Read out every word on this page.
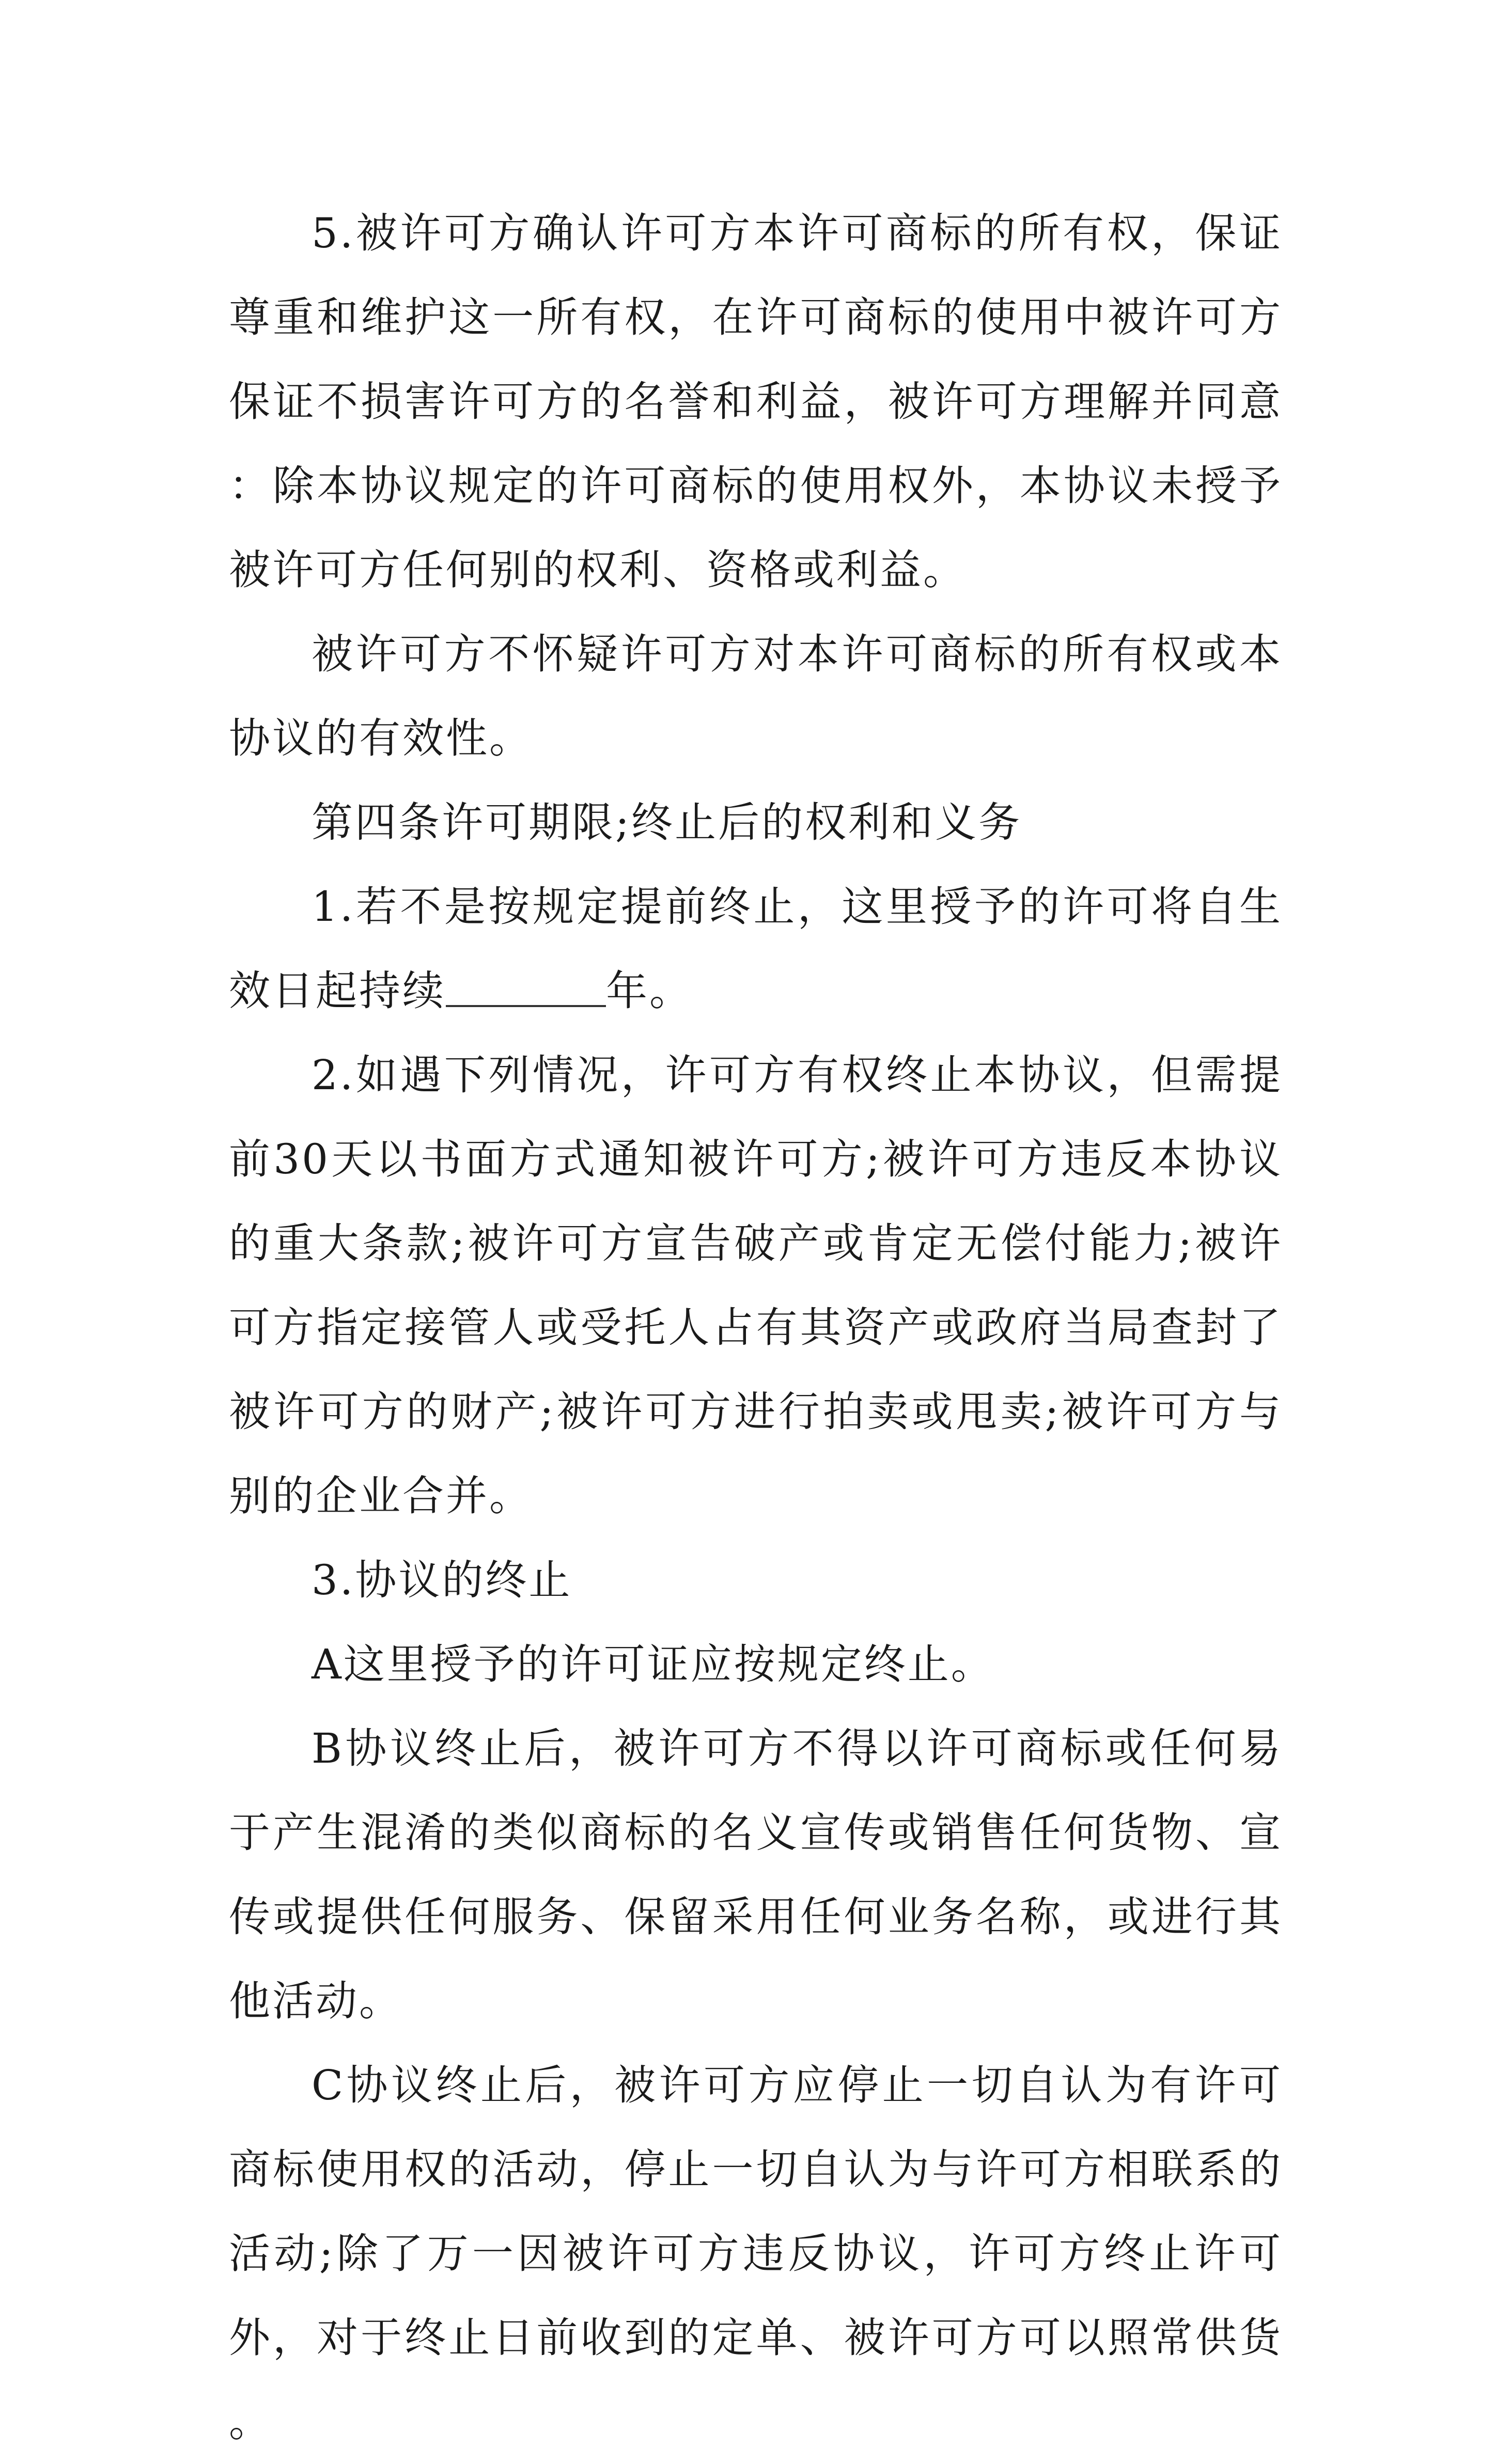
5.被许可方确认许可方本许可商标的所有权，保证尊重和维护这一所有权，在许可商标的使用中被许可方保证不损害许可方的名誉和利益，被许可方理解并同意：除本协议规定的许可商标的使用权外，本协议未授予被许可方任何别的权利、资格或利益。

被许可方不怀疑许可方对本许可商标的所有权或本协议的有效性。

第四条许可期限;终止后的权利和义务

1.若不是按规定提前终止，这里授予的许可将自生效日起持续	年。

2.如遇下列情况，许可方有权终止本协议，但需提前30天以书面方式通知被许可方;被许可方违反本协议的重大条款;被许可方宣告破产或肯定无偿付能力;被许可方指定接管人或受托人占有其资产或政府当局查封了被许可方的财产;被许可方进行拍卖或甩卖;被许可方与别的企业合并。

3.协议的终止

A这里授予的许可证应按规定终止。

B协议终止后，被许可方不得以许可商标或任何易于产生混淆的类似商标的名义宣传或销售任何货物、宣传或提供任何服务、保留采用任何业务名称，或进行其他活动。

C协议终止后，被许可方应停止一切自认为有许可商标使用权的活动，停止一切自认为与许可方相联系的活动;除了万一因被许可方违反协议，许可方终止许可外，对于终止日前收到的定单、被许可方可以照常供货。
